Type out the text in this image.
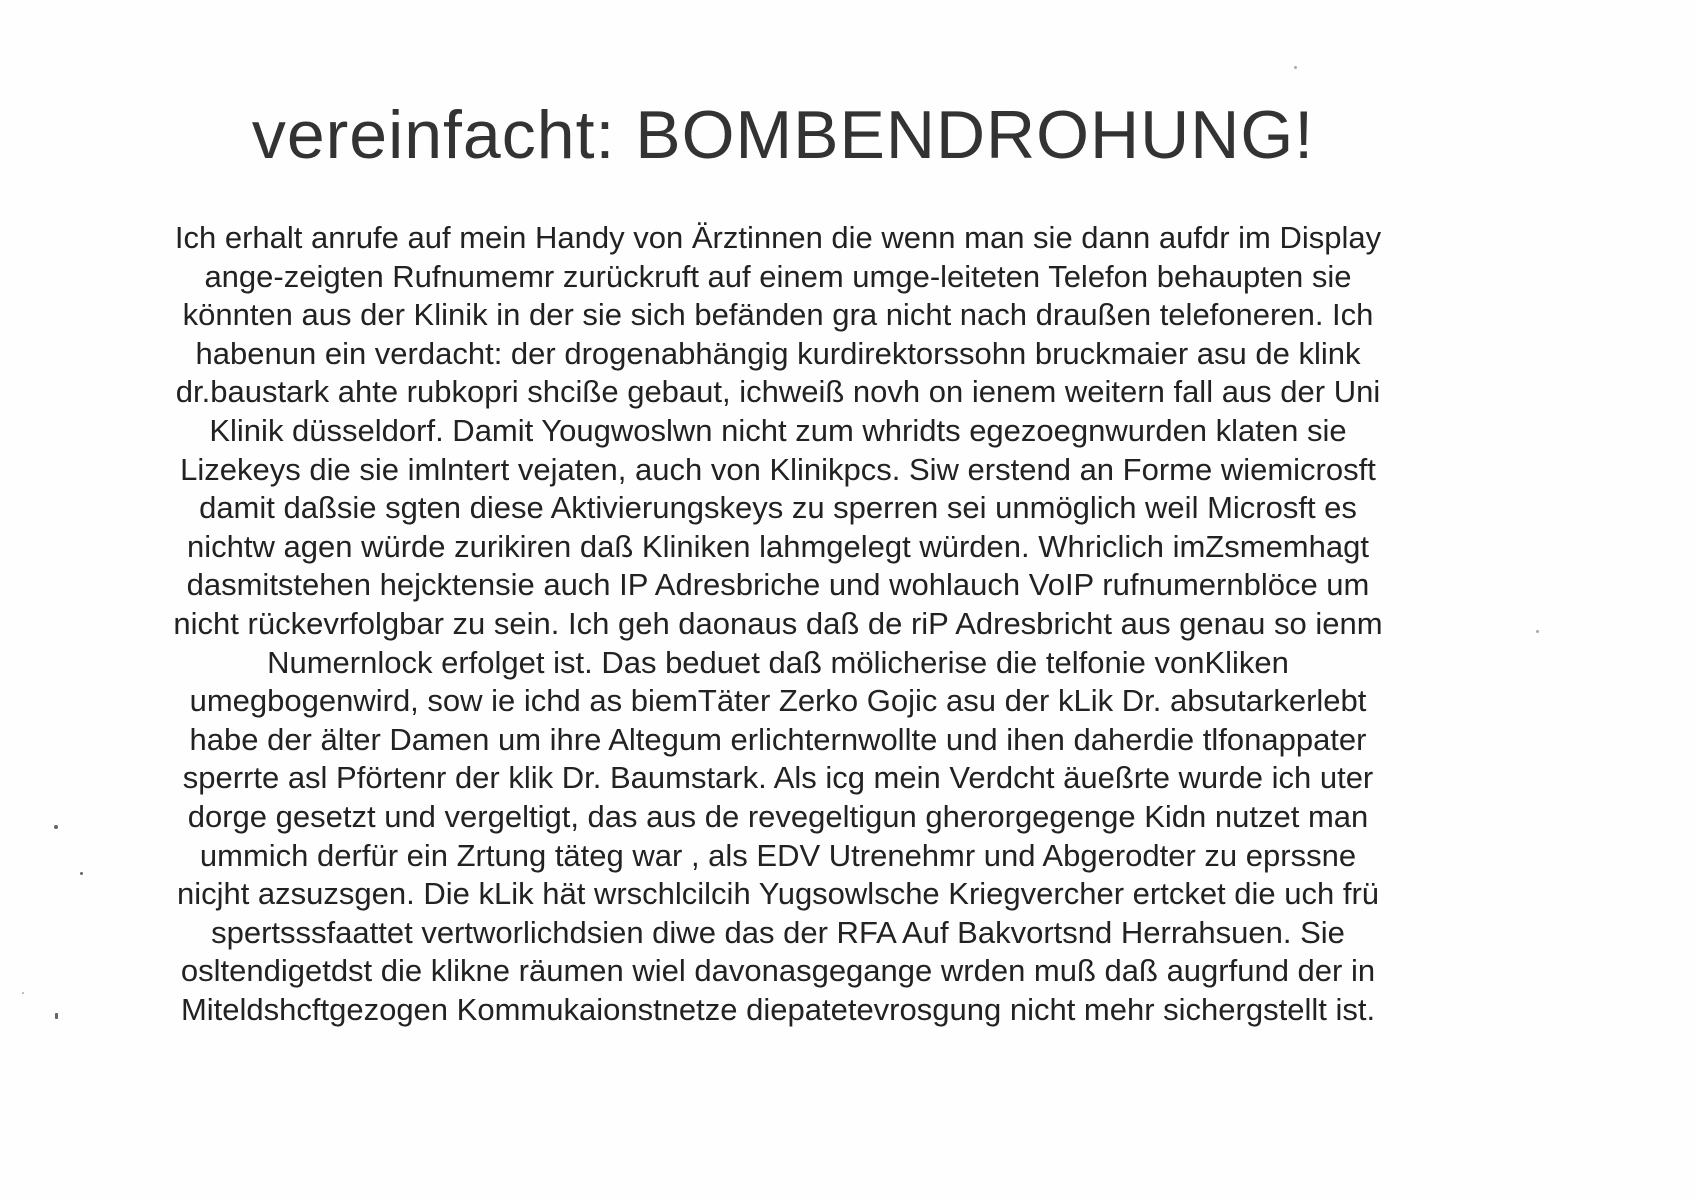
vereinfacht: BOMBENDROHUNG!
Ich erhalt anrufe auf mein Handy von Ärztinnen die wenn man sie dann aufdr im Display
ange-zeigten Rufnumemr zurückruft auf einem umge-leiteten Telefon behaupten sie
könnten aus der Klinik in der sie sich befänden gra nicht nach draußen telefoneren. Ich
habenun ein verdacht: der drogenabhängig kurdirektorssohn bruckmaier asu de klink
dr.baustark ahte rubkopri shcißе gebaut, ichweiß novh on ienem weitern fall aus der Uni
Klinik düsseldorf. Damit Yougwoslwn nicht zum whridts egezoegnwurden klaten sie
Lizekeys die sie imlntert vejaten, auch von Klinikpcs. Siw erstend an Forme wiemicrosft
damit daßsie sgten diese Aktivierungskeys zu sperren sei unmöglich weil Microsft es
nichtw agen würde zurikiren daß Kliniken lahmgelegt würden. Whriclich imZsmemhagt
dasmitstehen hejcktensie auch IP Adresbriche und wohlauch VoIP rufnumernblöce um
nicht rückevrfolgbar zu sein. Ich geh daonaus daß de riP Adresbricht aus genau so ienm
Numernlock erfolget ist. Das beduet daß mölicherise die telfonie vonKliken
umegbogenwird, sow ie ichd as biemTäter Zerko Gojic asu der kLik Dr. absutarkerlebt
habe der älter Damen um ihre Altegum erlichternwollte und ihen daherdie tlfonappater
sperrte asl Pförtenr der klik Dr. Baumstark. Als icg mein Verdcht äueßrte wurde ich uter
dorge gesetzt und vergeltigt, das aus de revegeltigun gherorgegenge Kidn nutzet man
ummich derfür ein Zrtung täteg war , als EDV Utrenehmr und Abgerodter zu eprssne
nicjht azsuzsgen. Die kLik hät wrschlcilcih Yugsowlsche Kriegvercher ertcket die uch frü
spertsssfaattet vertworlichdsien diwe das der RFA Auf Bakvortsnd Herrahsuen. Sie
osltendigetdst die klikne räumen wiel davonasgegange wrden muß daß augrfund der in
Miteldshcftgezogen Kommukaionstnetze diepatetevrosgung nicht mehr sichergstellt ist.
